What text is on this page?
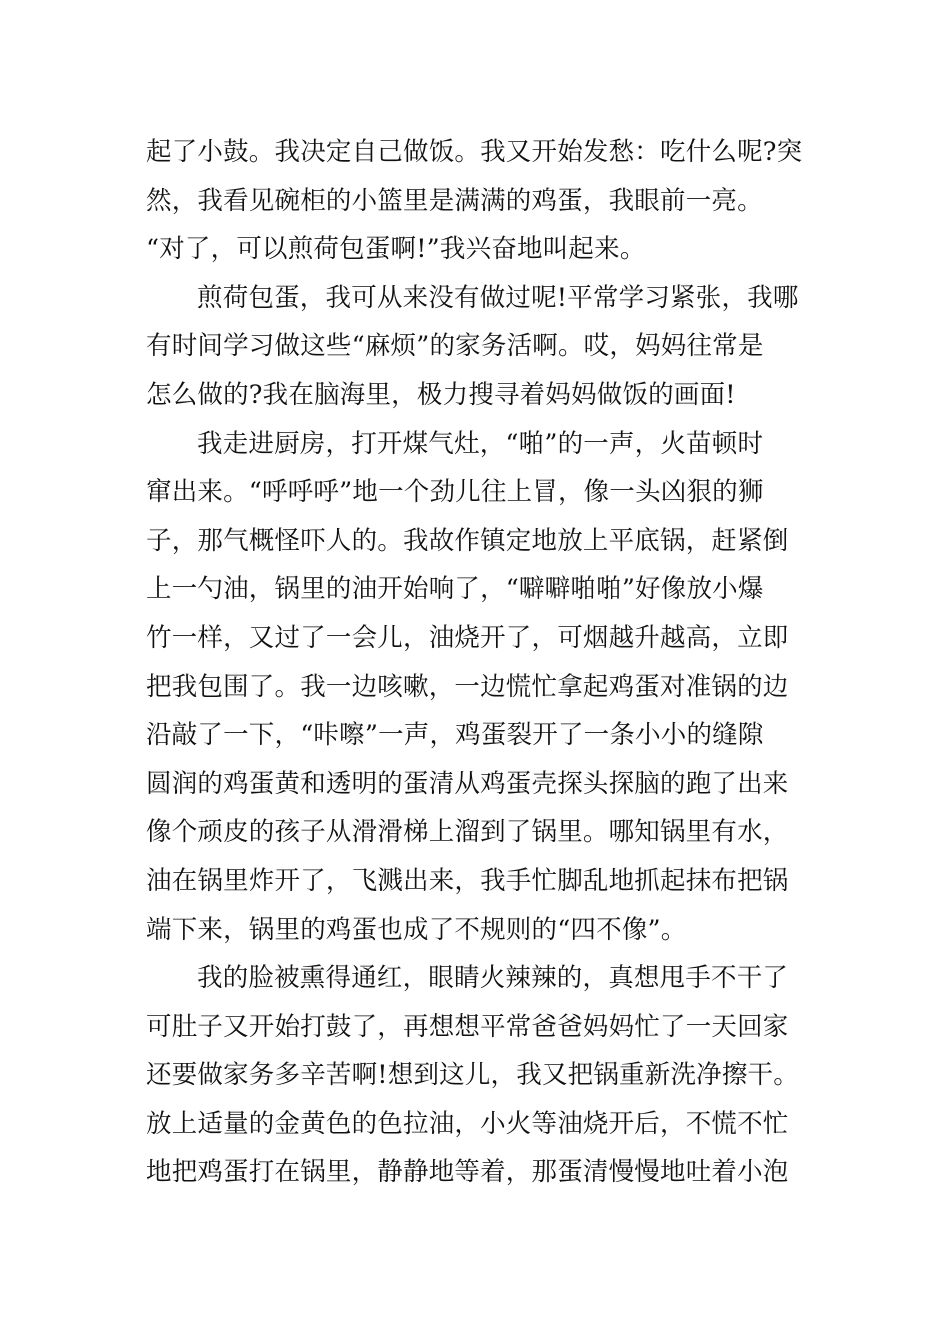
起了小鼓。我决定自己做饭。我又开始发愁：吃什么呢?突
然，我看见碗柜的小篮里是满满的鸡蛋，我眼前一亮。
“对了，可以煎荷包蛋啊!”我兴奋地叫起来。
煎荷包蛋，我可从来没有做过呢!平常学习紧张，我哪
有时间学习做这些“麻烦”的家务活啊。哎，妈妈往常是
怎么做的?我在脑海里，极力搜寻着妈妈做饭的画面!
我走进厨房，打开煤气灶，“啪”的一声，火苗顿时
窜出来。“呼呼呼”地一个劲儿往上冒，像一头凶狠的狮
子，那气概怪吓人的。我故作镇定地放上平底锅，赶紧倒
上一勺油，锅里的油开始响了，“噼噼啪啪”好像放小爆
竹一样，又过了一会儿，油烧开了，可烟越升越高，立即
把我包围了。我一边咳嗽，一边慌忙拿起鸡蛋对准锅的边
沿敲了一下，“咔嚓”一声，鸡蛋裂开了一条小小的缝隙
圆润的鸡蛋黄和透明的蛋清从鸡蛋壳探头探脑的跑了出来
像个顽皮的孩子从滑滑梯上溜到了锅里。哪知锅里有水，
油在锅里炸开了，飞溅出来，我手忙脚乱地抓起抹布把锅
端下来，锅里的鸡蛋也成了不规则的“四不像”。
我的脸被熏得通红，眼睛火辣辣的，真想甩手不干了
可肚子又开始打鼓了，再想想平常爸爸妈妈忙了一天回家
还要做家务多辛苦啊!想到这儿，我又把锅重新洗净擦干。
放上适量的金黄色的色拉油，小火等油烧开后，不慌不忙
地把鸡蛋打在锅里，静静地等着，那蛋清慢慢地吐着小泡
